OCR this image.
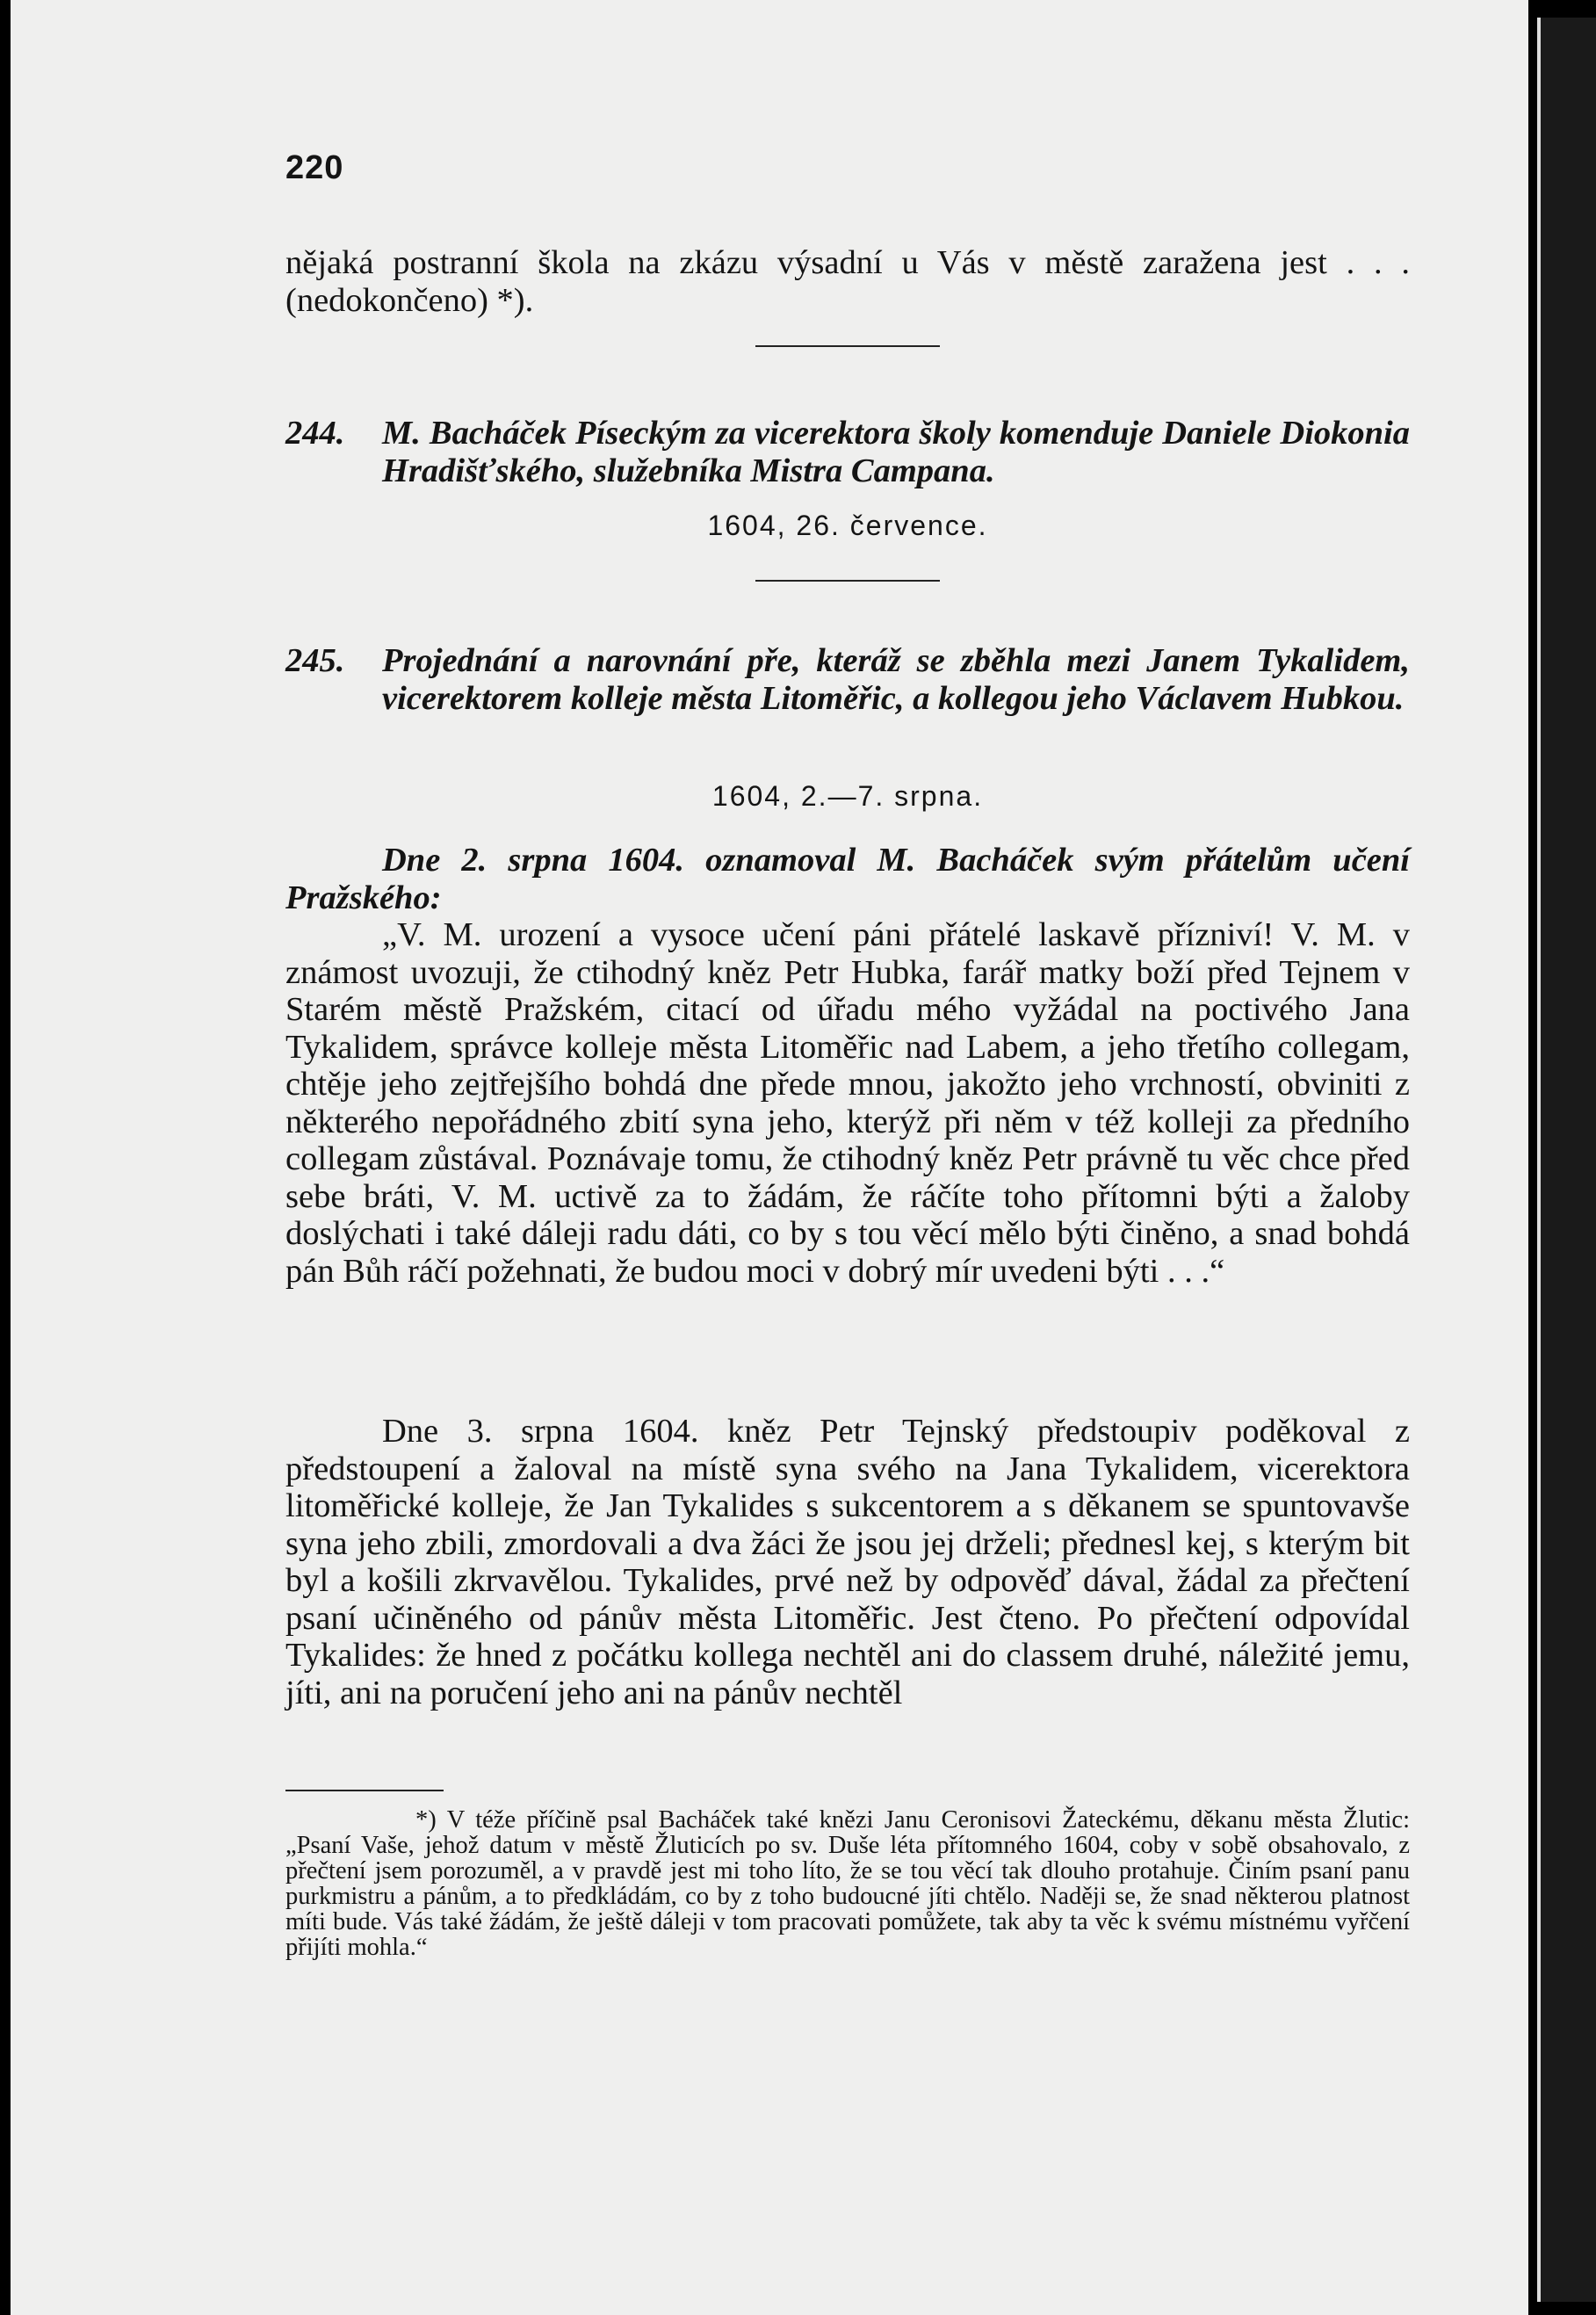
220

nějaká postranní škola na zkázu výsadní u Vás v městě zaražena jest . . . (nedokončeno) *).

244. M. Bacháček Píseckým za vicerektora školy komenduje Daniele Diokonia Hradišťského, služebníka Mistra Campana.

1604, 26. července.

245. Projednání a narovnání pře, kteráž se zběhla mezi Janem Tykalidem, vicerektorem kolleje města Litoměřic, a kollegou jeho Václavem Hubkou.

1604, 2.—7. srpna.

Dne 2. srpna 1604. oznamoval M. Bacháček svým přátelům učení Pražského:

„V. M. urození a vysoce učení páni přátelé laskavě přízniví! V. M. v známost uvozuji, že ctihodný kněz Petr Hubka, farář matky boží před Tejnem v Starém městě Pražském, citací od úřadu mého vyžádal na poctivého Jana Tykalidem, správce kolleje města Litoměřic nad Labem, a jeho třetího collegam, chtěje jeho zejtřejšího bohdá dne přede mnou, jakožto jeho vrchností, obviniti z některého nepořádného zbití syna jeho, kterýž při něm v též kolleji za předního collegam zůstával. Poznávaje tomu, že ctihodný kněz Petr právně tu věc chce před sebe bráti, V. M. uctivě za to žádám, že ráčíte toho přítomni býti a žaloby doslýchati i také dáleji radu dáti, co by s tou věcí mělo býti činěno, a snad bohdá pán Bůh ráčí požehnati, že budou moci v dobrý mír uvedeni býti . . .“

Dne 3. srpna 1604. kněz Petr Tejnský předstoupiv poděkoval z předstoupení a žaloval na místě syna svého na Jana Tykalidem, vicerektora litoměřické kolleje, že Jan Tykalides s sukcentorem a s děkanem se spuntovavše syna jeho zbili, zmordovali a dva žáci že jsou jej drželi; přednesl kej, s kterým bit byl a košili zkrvavělou. Tykalides, prvé než by odpověď dával, žádal za přečtení psaní učiněného od pánův města Litoměřic. Jest čteno. Po přečtení odpovídal Tykalides: že hned z počátku kollega nechtěl ani do classem druhé, náležité jemu, jíti, ani na poručení jeho ani na pánův nechtěl

*) V téže příčině psal Bacháček také knězi Janu Ceronisovi Žateckému, děkanu města Žlutic: „Psaní Vaše, jehož datum v městě Žluticích po sv. Duše léta přítomného 1604, coby v sobě obsahovalo, z přečtení jsem porozuměl, a v pravdě jest mi toho líto, že se tou věcí tak dlouho protahuje. Činím psaní panu purkmistru a pánům, a to předkládám, co by z toho budoucné jíti chtělo. Naději se, že snad některou platnost míti bude. Vás také žádám, že ještě dáleji v tom pracovati pomůžete, tak aby ta věc k svému místnému vyřčení přijíti mohla.“
